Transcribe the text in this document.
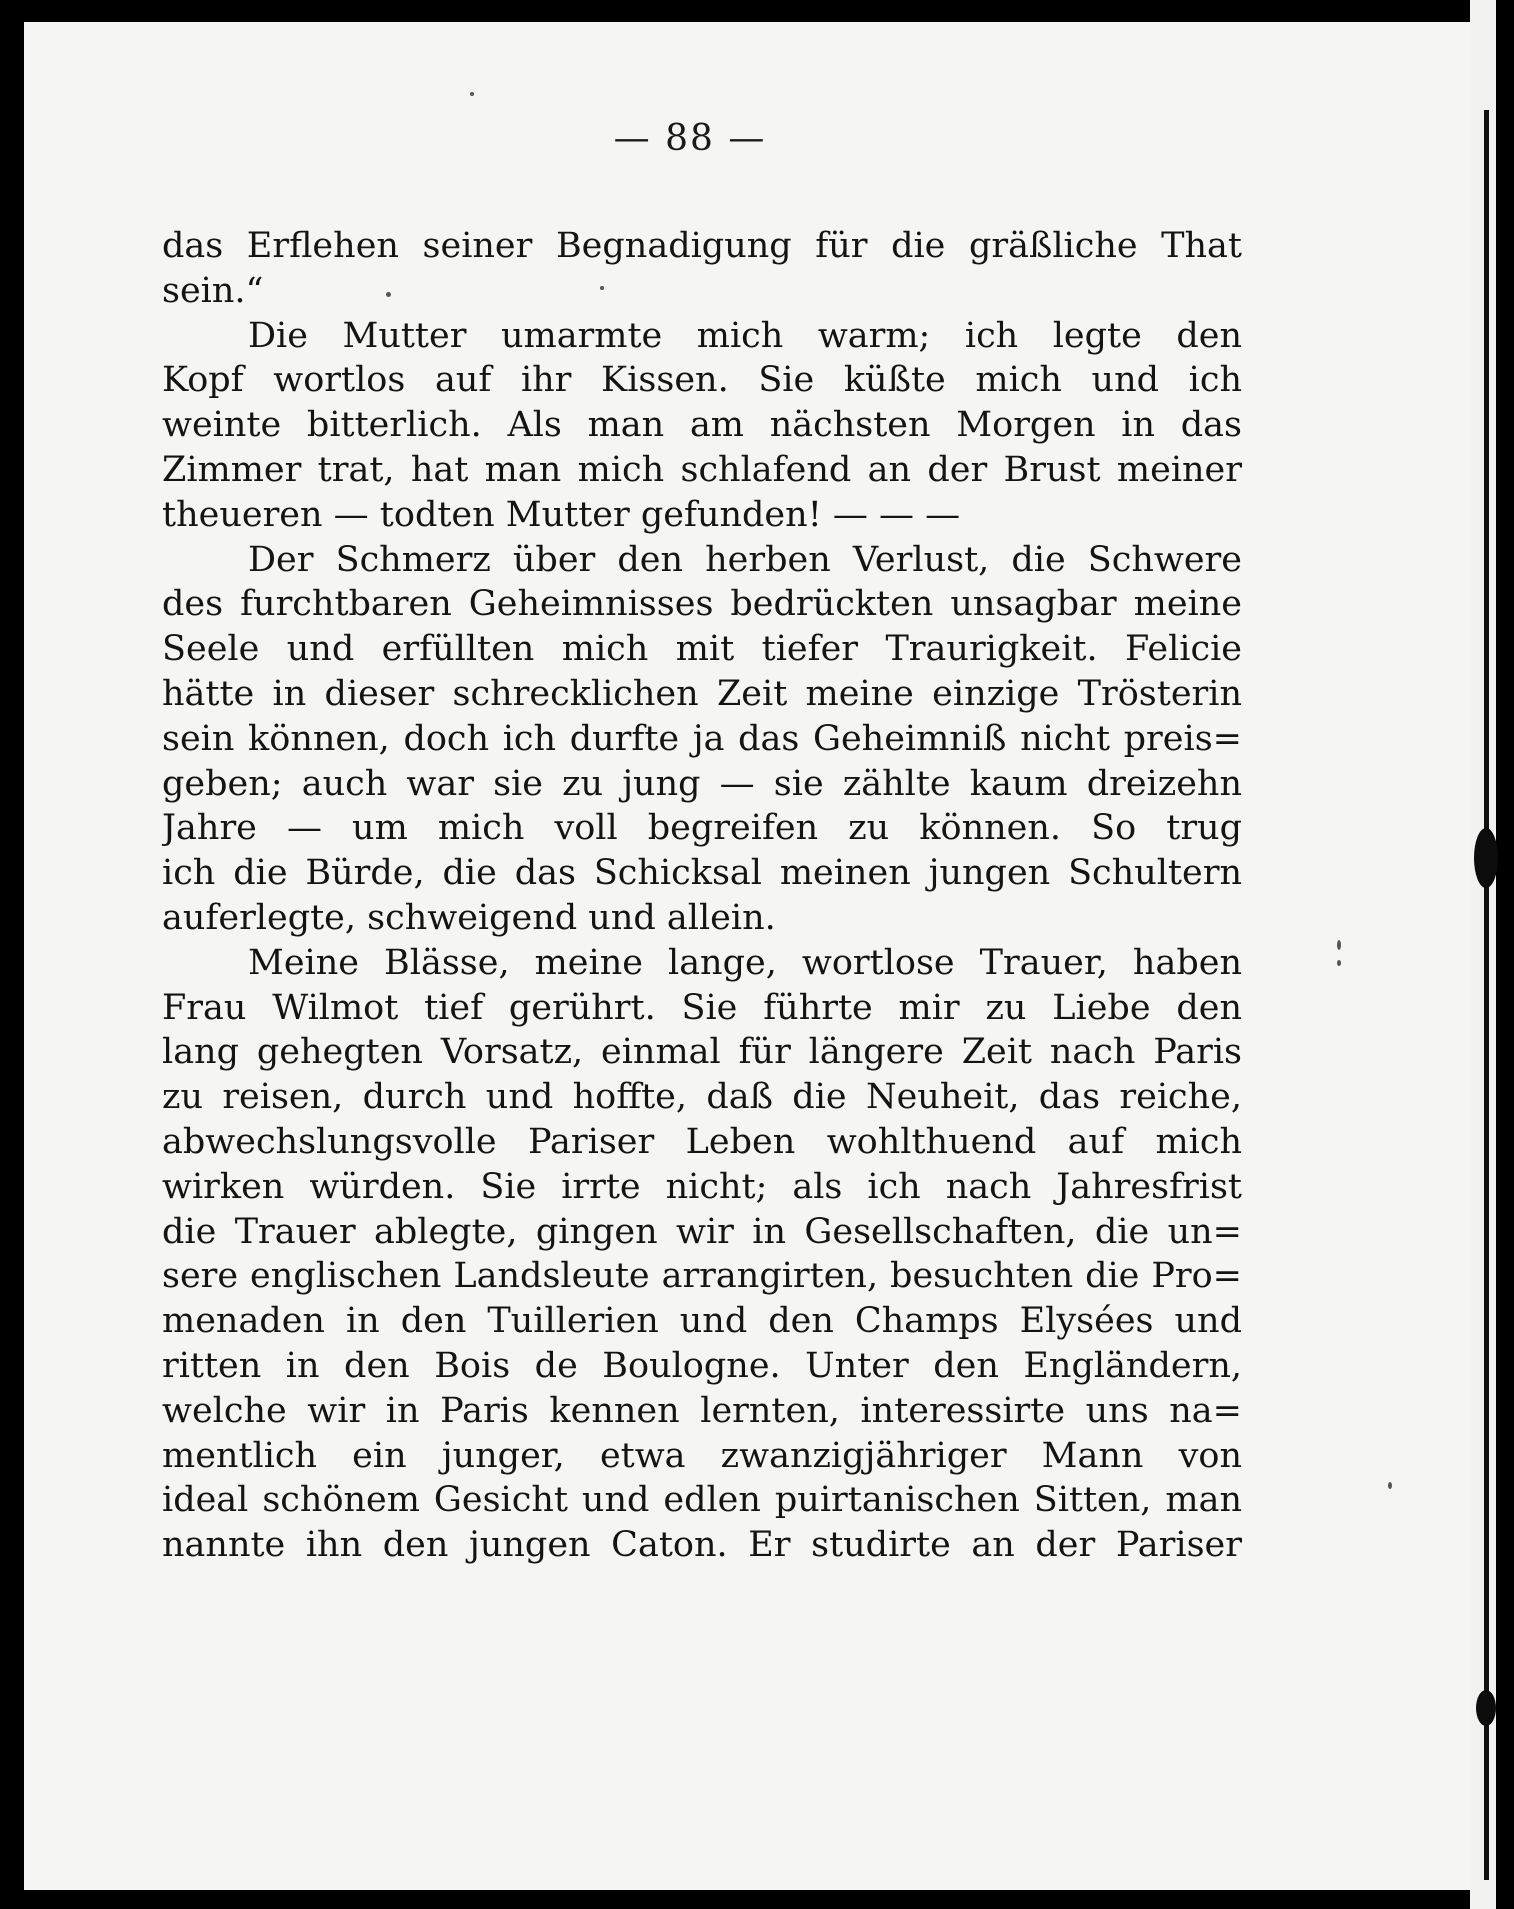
— 88 —
das Erflehen seiner Begnadigung für die gräßliche That
sein.“
Die Mutter umarmte mich warm; ich legte den
Kopf wortlos auf ihr Kissen. Sie küßte mich und ich
weinte bitterlich. Als man am nächsten Morgen in das
Zimmer trat, hat man mich schlafend an der Brust meiner
theueren — todten Mutter gefunden! — — —
Der Schmerz über den herben Verlust, die Schwere
des furchtbaren Geheimnisses bedrückten unsagbar meine
Seele und erfüllten mich mit tiefer Traurigkeit. Felicie
hätte in dieser schrecklichen Zeit meine einzige Trösterin
sein können, doch ich durfte ja das Geheimniß nicht preis=
geben; auch war sie zu jung — sie zählte kaum dreizehn
Jahre — um mich voll begreifen zu können. So trug
ich die Bürde, die das Schicksal meinen jungen Schultern
auferlegte, schweigend und allein.
Meine Blässe, meine lange, wortlose Trauer, haben
Frau Wilmot tief gerührt. Sie führte mir zu Liebe den
lang gehegten Vorsatz, einmal für längere Zeit nach Paris
zu reisen, durch und hoffte, daß die Neuheit, das reiche,
abwechslungsvolle Pariser Leben wohlthuend auf mich
wirken würden. Sie irrte nicht; als ich nach Jahresfrist
die Trauer ablegte, gingen wir in Gesellschaften, die un=
sere englischen Landsleute arrangirten, besuchten die Pro=
menaden in den Tuillerien und den Champs Elysées und
ritten in den Bois de Boulogne. Unter den Engländern,
welche wir in Paris kennen lernten, interessirte uns na=
mentlich ein junger, etwa zwanzigjähriger Mann von
ideal schönem Gesicht und edlen puirtanischen Sitten, man
nannte ihn den jungen Caton. Er studirte an der Pariser
